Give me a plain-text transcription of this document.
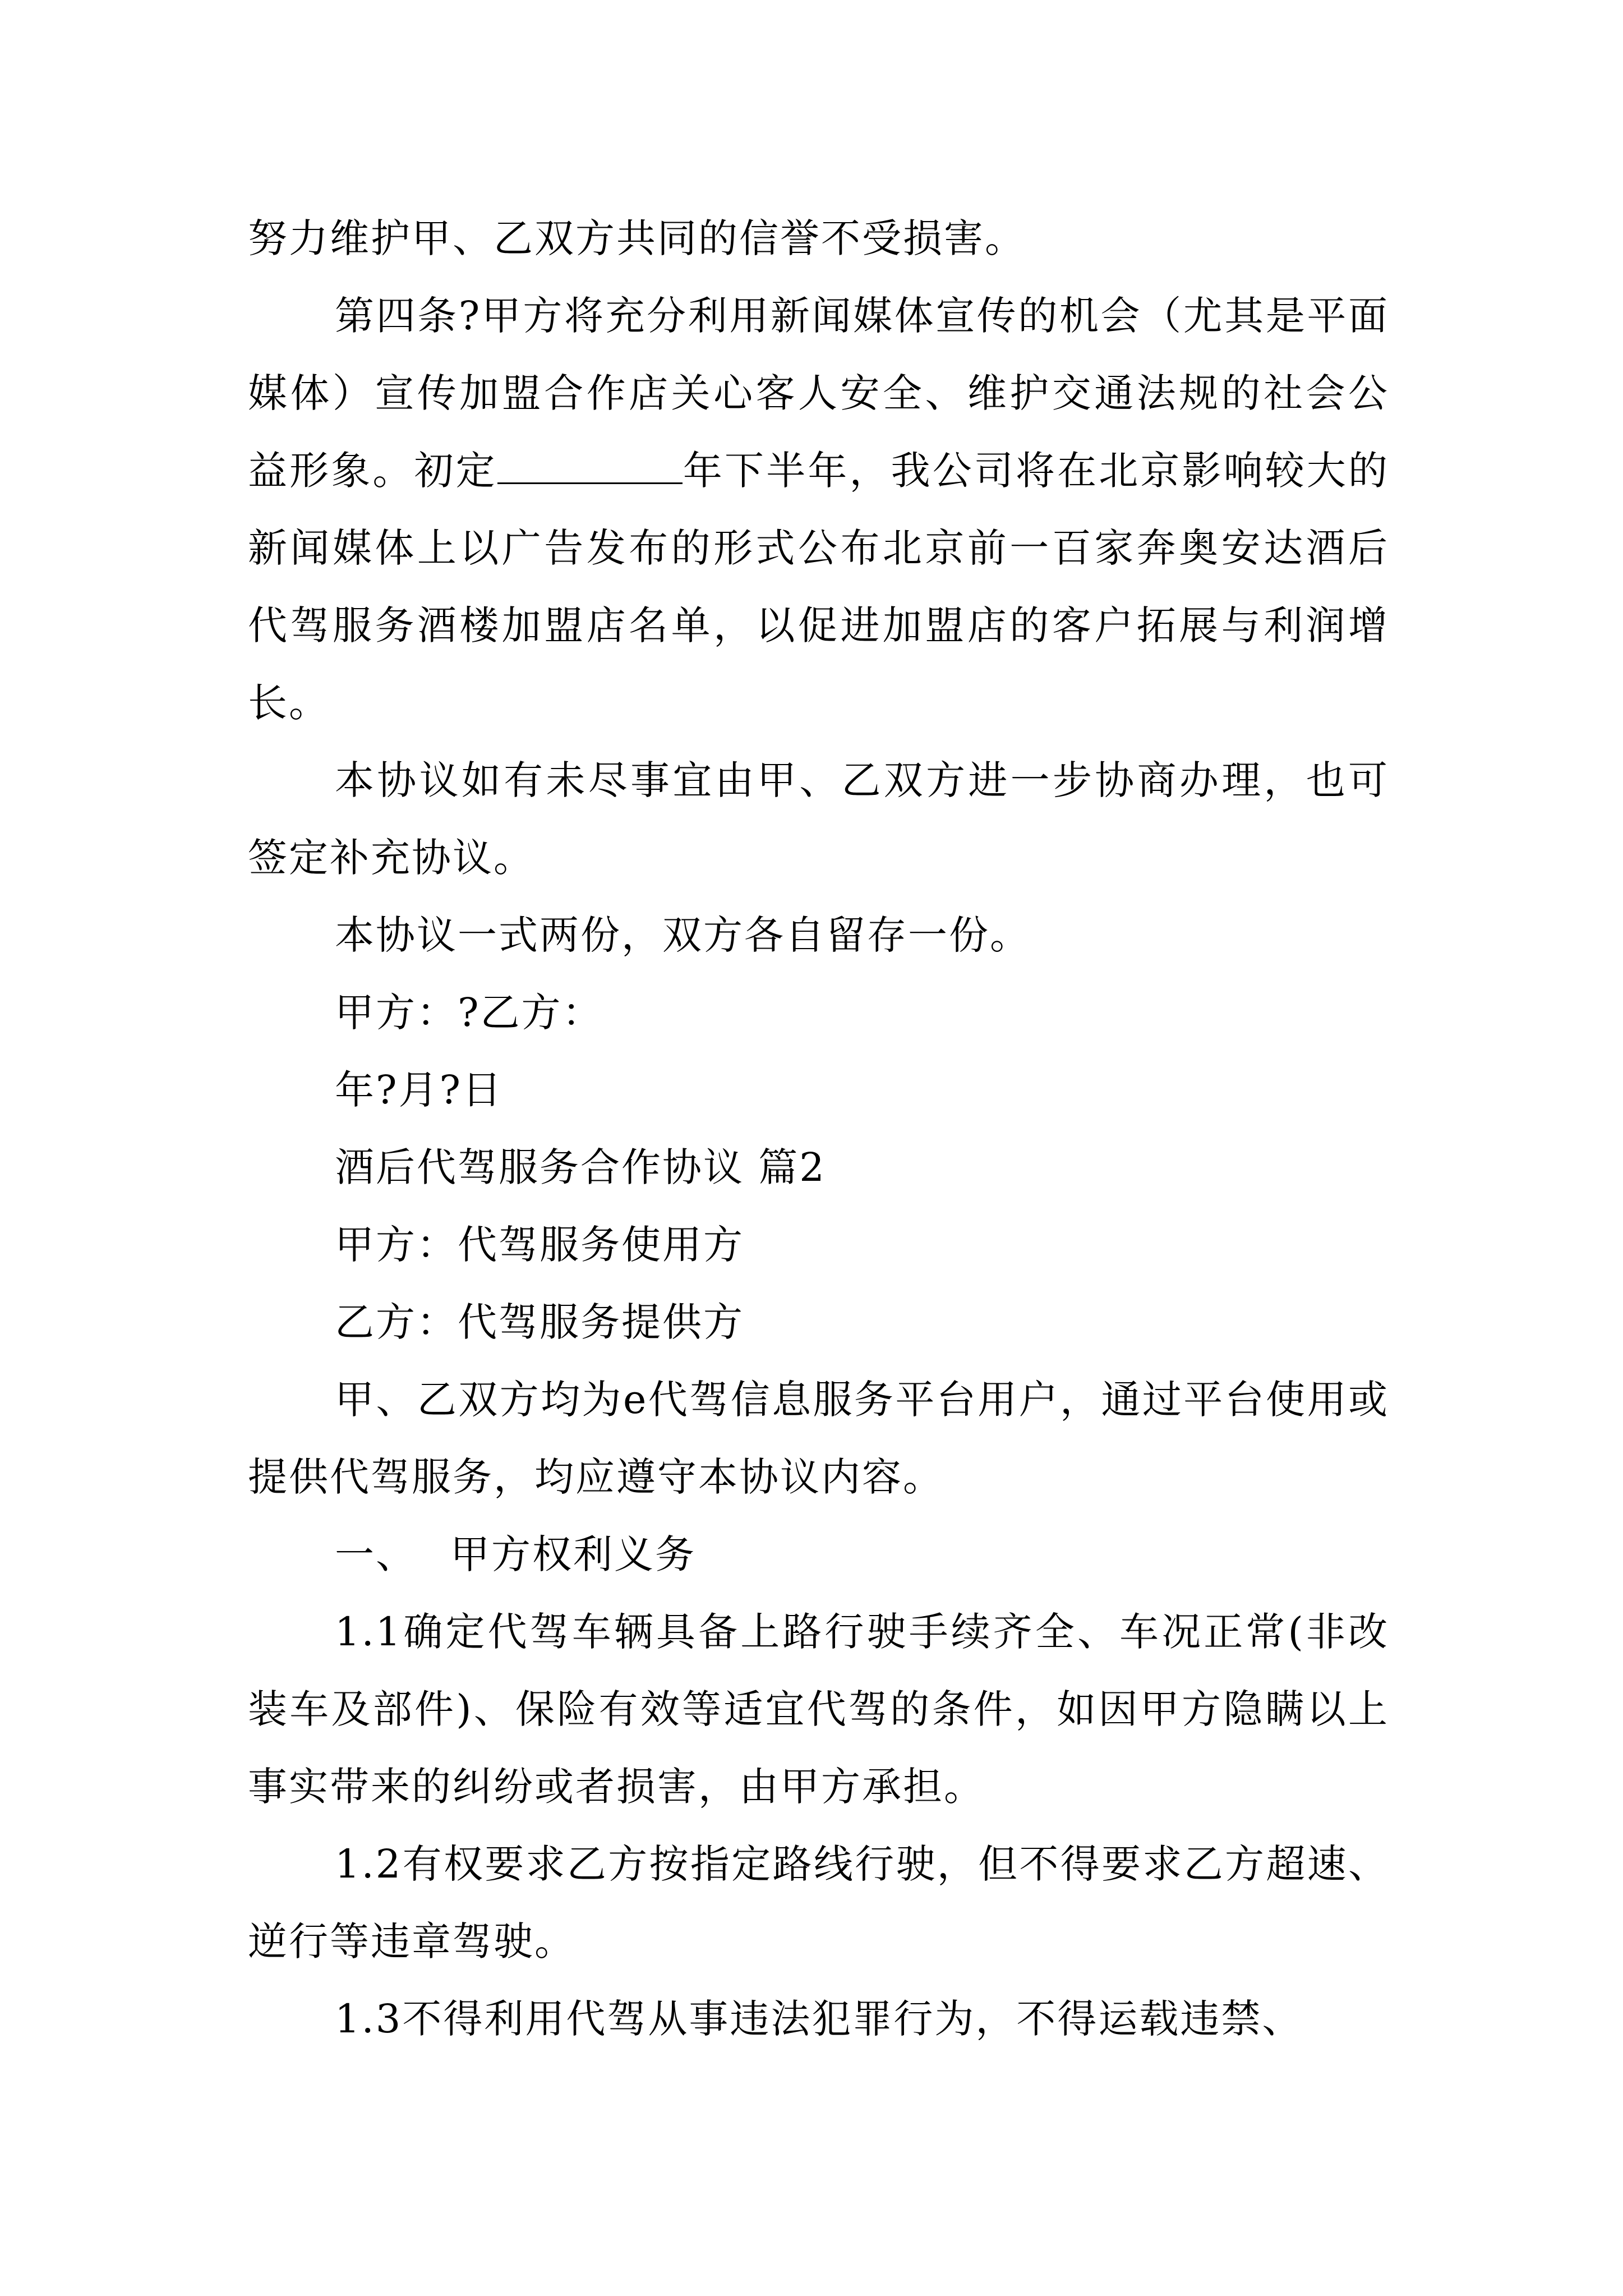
努力维护甲、乙双方共同的信誉不受损害。

第四条?甲方将充分利用新闻媒体宣传的机会（尤其是平面媒体）宣传加盟合作店关心客人安全、维护交通法规的社会公益形象。初定	年下半年，我公司将在北京影响较大的新闻媒体上以广告发布的形式公布北京前一百家奔奥安达酒后代驾服务酒楼加盟店名单，以促进加盟店的客户拓展与利润增长。

本协议如有未尽事宜由甲、乙双方进一步协商办理，也可签定补充协议。

本协议一式两份，双方各自留存一份。

甲方：?乙方：

年?月?日

酒后代驾服务合作协议 篇2

甲方：代驾服务使用方

乙方：代驾服务提供方

甲、乙双方均为e代驾信息服务平台用户，通过平台使用或提供代驾服务，均应遵守本协议内容。

一、 甲方权利义务

1.1确定代驾车辆具备上路行驶手续齐全、车况正常(非改装车及部件)、保险有效等适宜代驾的条件，如因甲方隐瞒以上事实带来的纠纷或者损害，由甲方承担。

1.2有权要求乙方按指定路线行驶，但不得要求乙方超速、逆行等违章驾驶。

1.3不得利用代驾从事违法犯罪行为，不得运载违禁、
